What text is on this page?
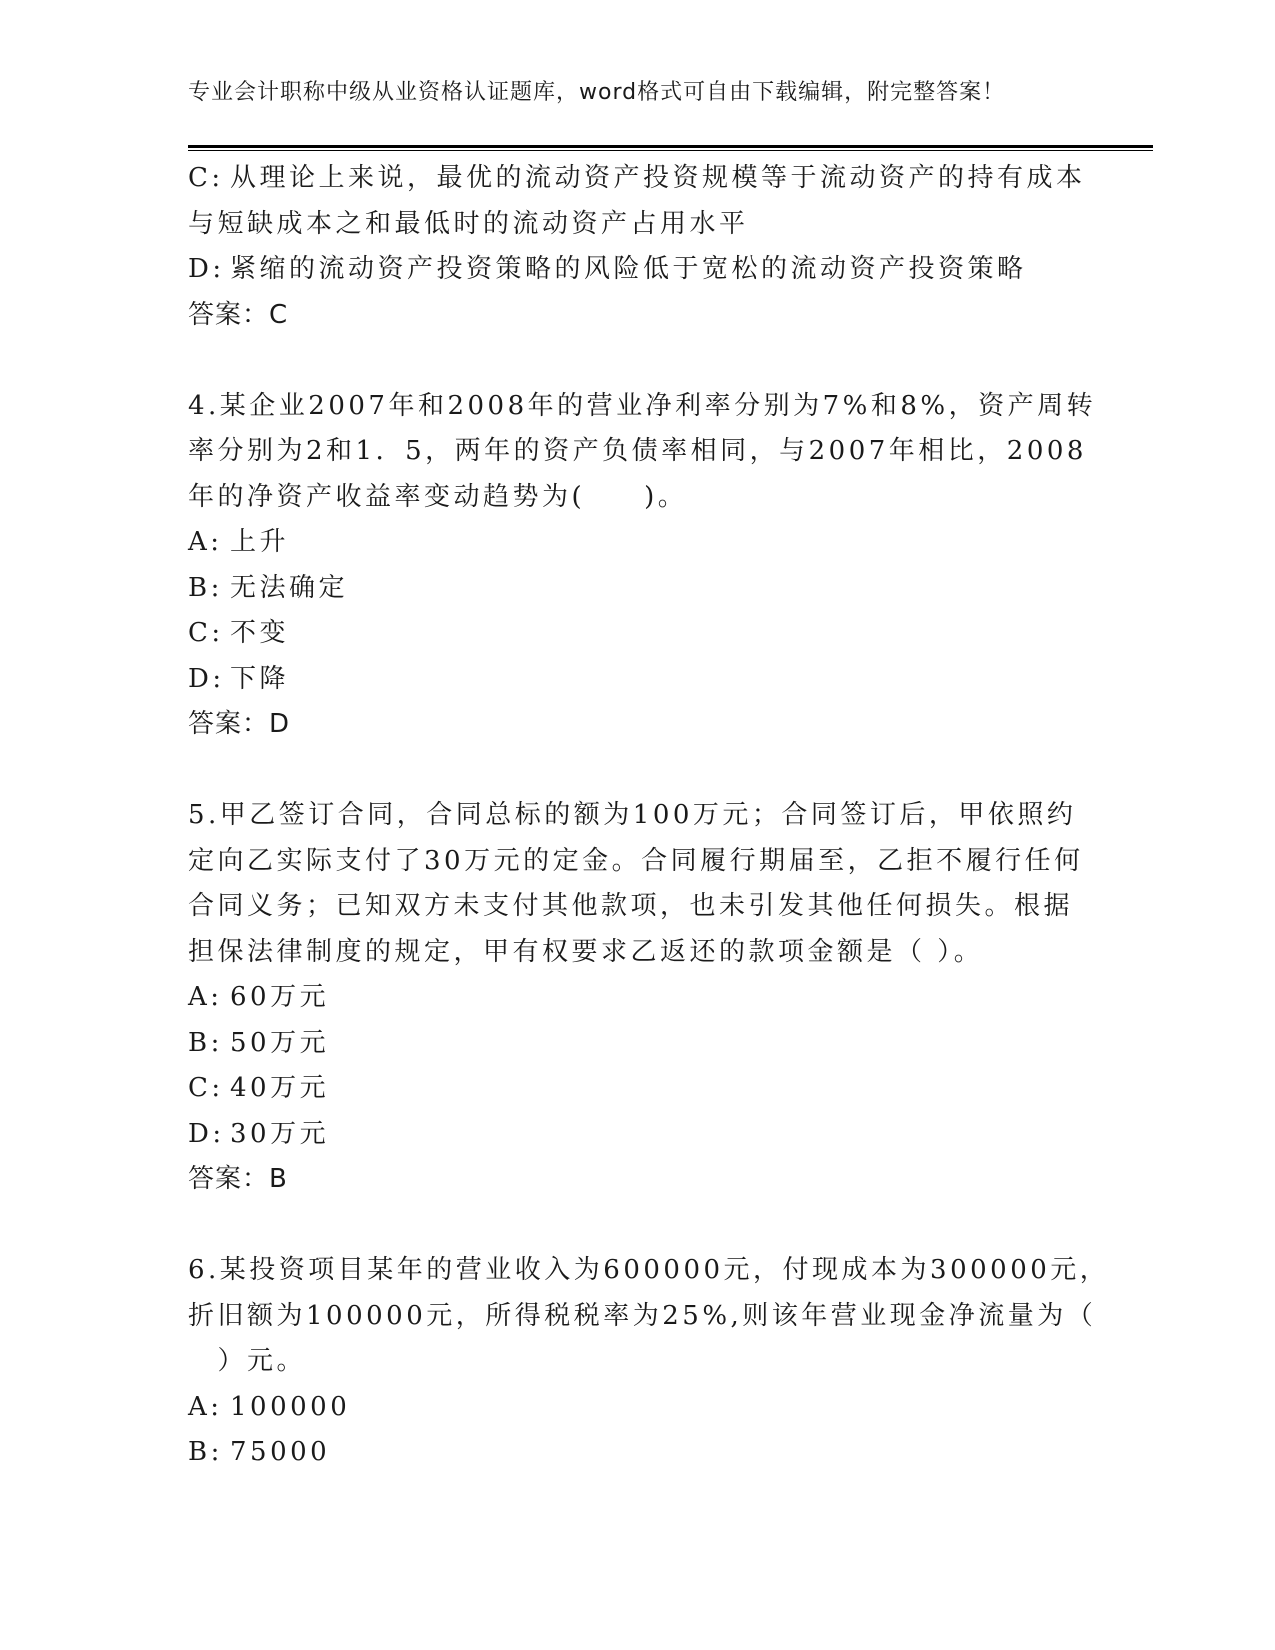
专业会计职称中级从业资格认证题库，word格式可自由下载编辑，附完整答案！
C: 从理论上来说，最优的流动资产投资规模等于流动资产的持有成本
与短缺成本之和最低时的流动资产占用水平
D: 紧缩的流动资产投资策略的风险低于宽松的流动资产投资策略
答案：C
4.某企业2007年和2008年的营业净利率分别为7%和8%，资产周转
率分别为2和1．5，两年的资产负债率相同，与2007年相比，2008
年的净资产收益率变动趋势为(　　)。
A: 上升
B: 无法确定
C: 不变
D: 下降
答案：D
5.甲乙签订合同，合同总标的额为100万元；合同签订后，甲依照约
定向乙实际支付了30万元的定金。合同履行期届至，乙拒不履行任何
合同义务；已知双方未支付其他款项，也未引发其他任何损失。根据
担保法律制度的规定，甲有权要求乙返还的款项金额是（ ）。
A: 60万元
B: 50万元
C: 40万元
D: 30万元
答案：B
6.某投资项目某年的营业收入为600000元，付现成本为300000元，
折旧额为100000元，所得税税率为25%,则该年营业现金净流量为（
　）元。
A: 100000
B: 75000
